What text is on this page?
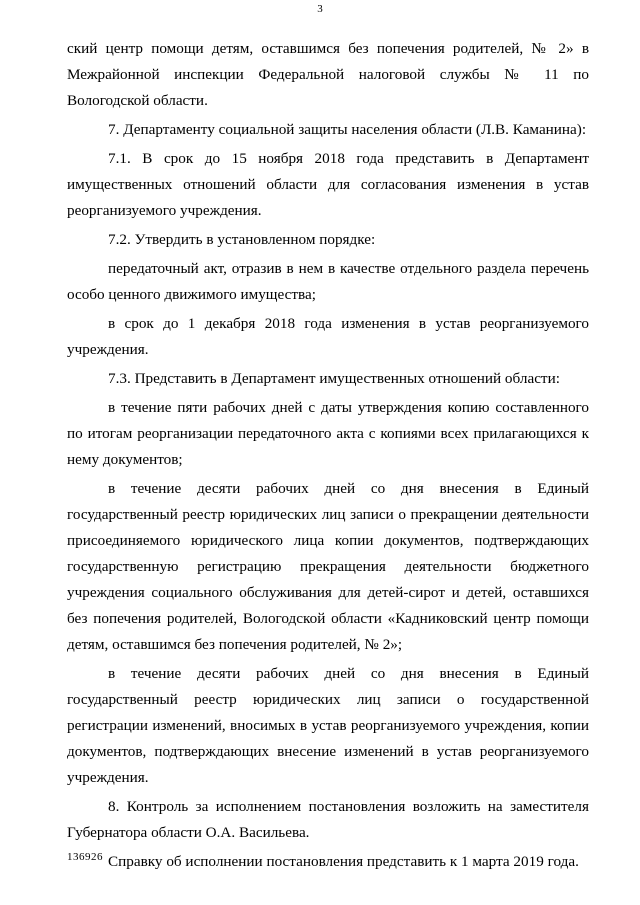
3

ский центр помощи детям, оставшимся без попечения родителей, № 2» в Межрайонной инспекции Федеральной налоговой службы № 11 по Вологодской области.

7. Департаменту социальной защиты населения области (Л.В. Каманина):

7.1. В срок до 15 ноября 2018 года представить в Департамент имущественных отношений области для согласования изменения в устав реорганизуемого учреждения.

7.2. Утвердить в установленном порядке:

передаточный акт, отразив в нем в качестве отдельного раздела перечень особо ценного движимого имущества;

в срок до 1 декабря 2018 года изменения в устав реорганизуемого учреждения.

7.3. Представить в Департамент имущественных отношений области:

в течение пяти рабочих дней с даты утверждения копию составленного по итогам реорганизации передаточного акта с копиями всех прилагающихся к нему документов;

в течение десяти рабочих дней со дня внесения в Единый государственный реестр юридических лиц записи о прекращении деятельности присоединяемого юридического лица копии документов, подтверждающих государственную регистрацию прекращения деятельности бюджетного учреждения социального обслуживания для детей-сирот и детей, оставшихся без попечения родителей, Вологодской области «Кадниковский центр помощи детям, оставшимся без попечения родителей, № 2»;

в течение десяти рабочих дней со дня внесения в Единый государственный реестр юридических лиц записи о государственной регистрации изменений, вносимых в устав реорганизуемого учреждения, копии документов, подтверждающих внесение изменений в устав реорганизуемого учреждения.

8. Контроль за исполнением постановления возложить на заместителя Губернатора области О.А. Васильева.

Справку об исполнении постановления представить к 1 марта 2019 года.

136926
